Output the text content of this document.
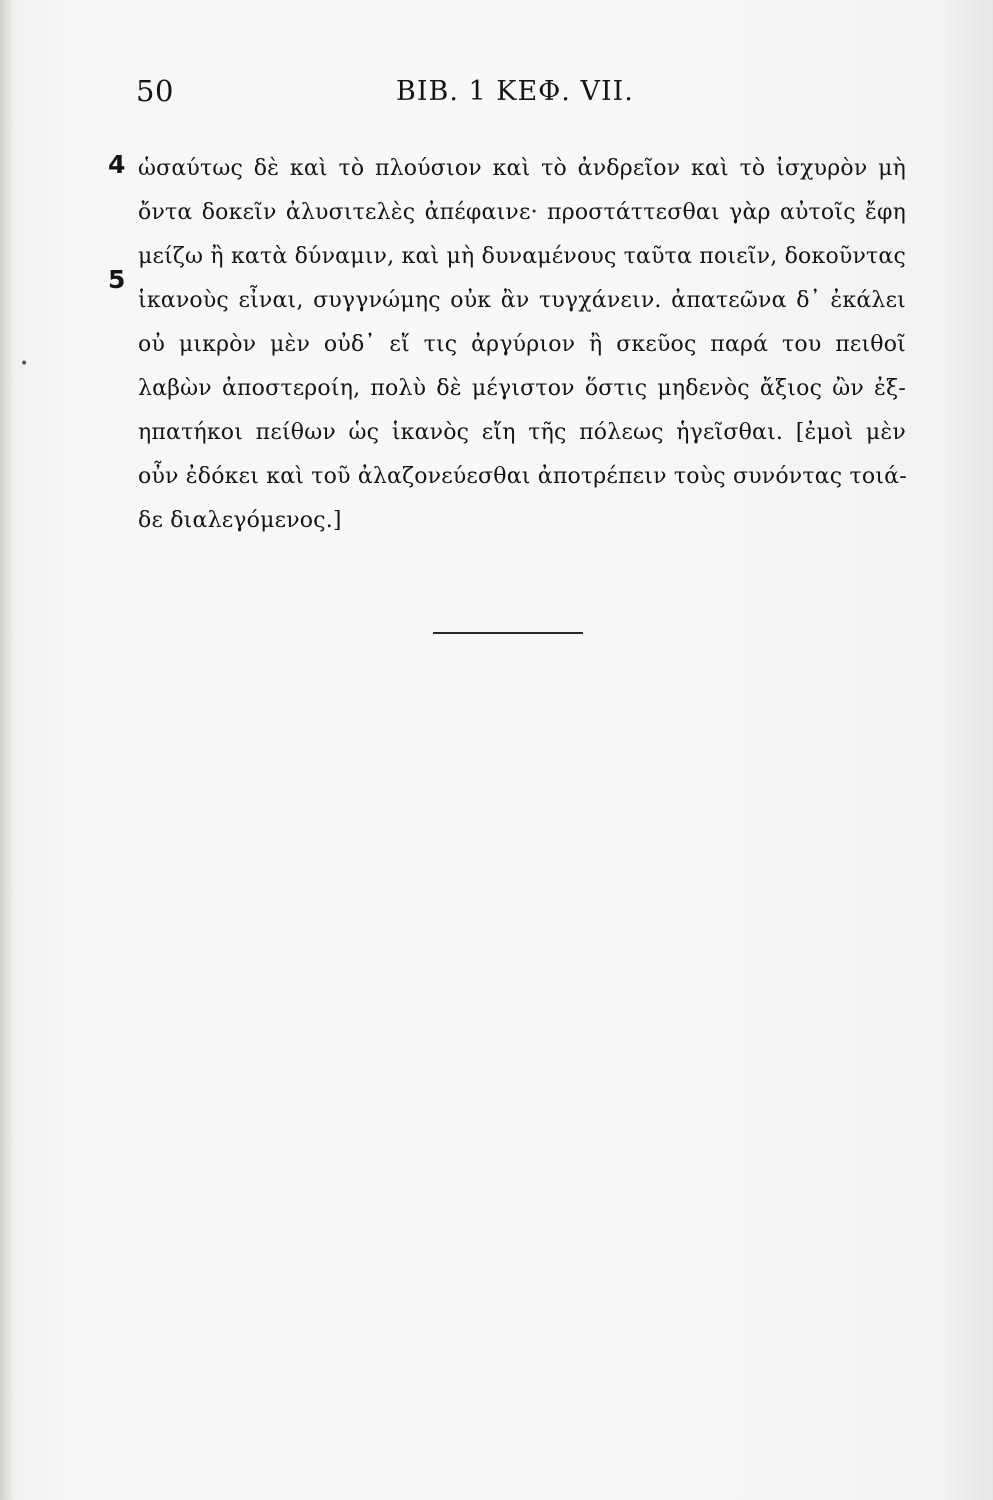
50	ΒΙΒ. 1 ΚΕΦ. VII.
4
5
•
ὡσαύτως δὲ καὶ τὸ πλούσιον καὶ τὸ ἀνδρεῖον καὶ τὸ ἰσχυρὸν μὴ
ὄντα δοκεῖν ἀλυσιτελὲς ἀπέφαινε· προστάττεσθαι γὰρ αὐτοῖς ἔφη
μείζω ἢ κατὰ δύναμιν, καὶ μὴ δυναμένους ταῦτα ποιεῖν, δοκοῦντας
ἱκανοὺς εἶναι, συγγνώμης οὐκ ἂν τυγχάνειν. ἀπατεῶνα δ᾽ ἐκάλει
οὐ μικρὸν μὲν οὐδ᾽ εἴ τις ἀργύριον ἢ σκεῦος παρά του πειθοῖ
λαβὼν ἀποστεροίη, πολὺ δὲ μέγιστον ὅστις μηδενὸς ἄξιος ὢν ἐξ-
ηπατήκοι πείθων ὡς ἱκανὸς εἴη τῆς πόλεως ἡγεῖσθαι. [ἐμοὶ μὲν
οὖν ἐδόκει καὶ τοῦ ἀλαζονεύεσθαι ἀποτρέπειν τοὺς συνόντας τοιά-
δε διαλεγόμενος.]
